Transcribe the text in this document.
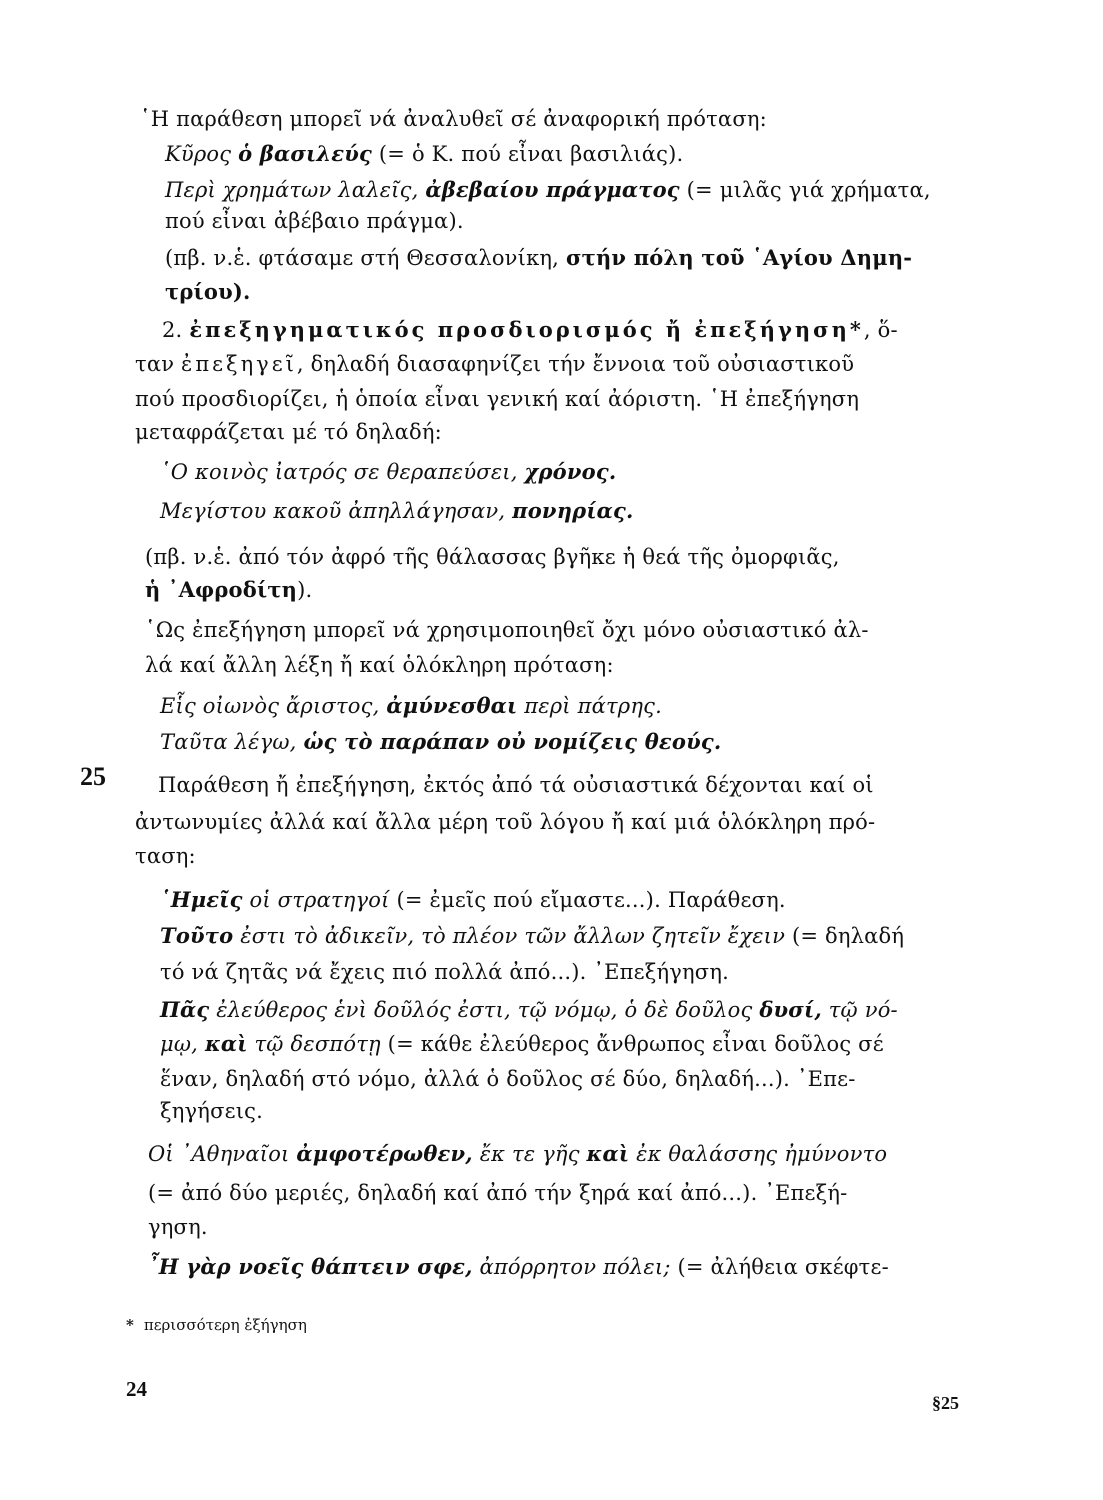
῾Η παράθεση μπορεῖ νά ἀναλυθεῖ σέ ἀναφορική πρόταση:
Κῦρος ὁ βασιλεύς (= ὁ Κ. πού εἶναι βασιλιάς).
Περὶ χρημάτων λαλεῖς, ἀβεβαίου πράγματος (= μιλᾶς γιά χρήματα,
πού εἶναι ἀβέβαιο πράγμα).
(πβ. ν.ἑ. φτάσαμε στή Θεσσαλονίκη, στήν πόλη τοῦ ῾Αγίου Δημη-
τρίου).
2. ἐπεξηγηματικός προσδιορισμός ἤ ἐπεξήγηση*, ὅ-
ταν ἐπεξηγεῖ, δηλαδή διασαφηνίζει τήν ἔννοια τοῦ οὐσιαστικοῦ
πού προσδιορίζει, ἡ ὁποία εἶναι γενική καί ἀόριστη. ῾Η ἐπεξήγηση
μεταφράζεται μέ τό δηλαδή:
῾Ο κοινὸς ἰατρός σε θεραπεύσει, χρόνος.
Μεγίστου κακοῦ ἀπηλλάγησαν, πονηρίας.
(πβ. ν.ἑ. ἀπό τόν ἀφρό τῆς θάλασσας βγῆκε ἡ θεά τῆς ὀμορφιᾶς,
ἡ ᾿Αφροδίτη).
῾Ως ἐπεξήγηση μπορεῖ νά χρησιμοποιηθεῖ ὄχι μόνο οὐσιαστικό ἀλ-
λά καί ἄλλη λέξη ἤ καί ὁλόκληρη πρόταση:
Εἷς οἰωνὸς ἄριστος, ἀμύνεσθαι περὶ πάτρης.
Ταῦτα λέγω, ὡς τὸ παράπαν οὐ νομίζεις θεούς.
25 Παράθεση ἤ ἐπεξήγηση, ἐκτός ἀπό τά οὐσιαστικά δέχονται καί οἱ
ἀντωνυμίες ἀλλά καί ἄλλα μέρη τοῦ λόγου ἤ καί μιά ὁλόκληρη πρό-
ταση:
῾Ημεῖς οἱ στρατηγοί (= ἐμεῖς πού εἴμαστε...). Παράθεση.
Τοῦτο ἐστι τὸ ἀδικεῖν, τὸ πλέον τῶν ἄλλων ζητεῖν ἔχειν (= δηλαδή
τό νά ζητᾶς νά ἔχεις πιό πολλά ἀπό...). ᾿Επεξήγηση.
Πᾶς ἐλεύθερος ἑνὶ δοῦλός ἐστι, τῷ νόμῳ, ὁ δὲ δοῦλος δυσί, τῷ νό-
μῳ, καὶ τῷ δεσπότῃ (= κάθε ἐλεύθερος ἄνθρωπος εἶναι δοῦλος σέ
ἕναν, δηλαδή στό νόμο, ἀλλά ὁ δοῦλος σέ δύο, δηλαδή...). ᾿Επε-
ξηγήσεις.
Οἱ ᾿Αθηναῖοι ἀμφοτέρωθεν, ἔκ τε γῆς καὶ ἐκ θαλάσσης ἠμύνοντο
(= ἀπό δύο μεριές, δηλαδή καί ἀπό τήν ξηρά καί ἀπό...). ᾿Επεξή-
γηση.
῏Η γὰρ νοεῖς θάπτειν σφε, ἀπόρρητον πόλει; (= ἀλήθεια σκέφτε-
* περισσότερη ἐξήγηση
24
§25
